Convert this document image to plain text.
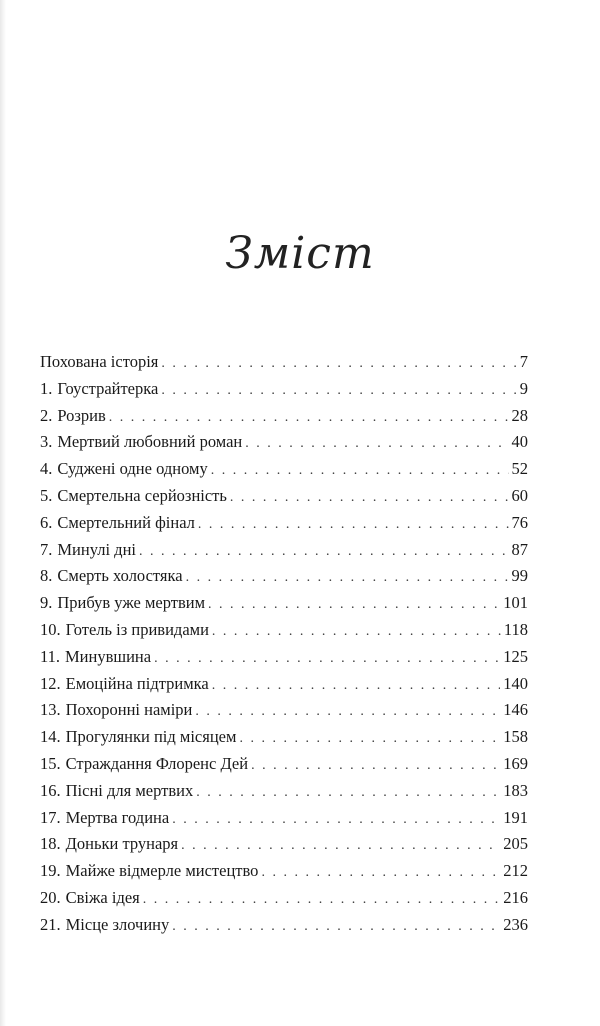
Зміст
Похована історія . . .	7
1. Гоустрайтерка . . .	9
2. Розрив . . .	28
3. Мертвий любовний роман . . .	40
4. Суджені одне одному . . .	52
5. Смертельна серйозність . . .	60
6. Смертельний фінал . . .	76
7. Минулі дні . . .	87
8. Смерть холостяка . . .	99
9. Прибув уже мертвим . . .	101
10. Готель із привидами . . .	118
11. Минувшина . . .	125
12. Емоційна підтримка . . .	140
13. Похоронні наміри . . .	146
14. Прогулянки під місяцем . . .	158
15. Страждання Флоренс Дей . . .	169
16. Пісні для мертвих . . .	183
17. Мертва година . . .	191
18. Доньки трунаря . . .	205
19. Майже відмерле мистецтво . . .	212
20. Свіжа ідея . . .	216
21. Місце злочину . . .	236
